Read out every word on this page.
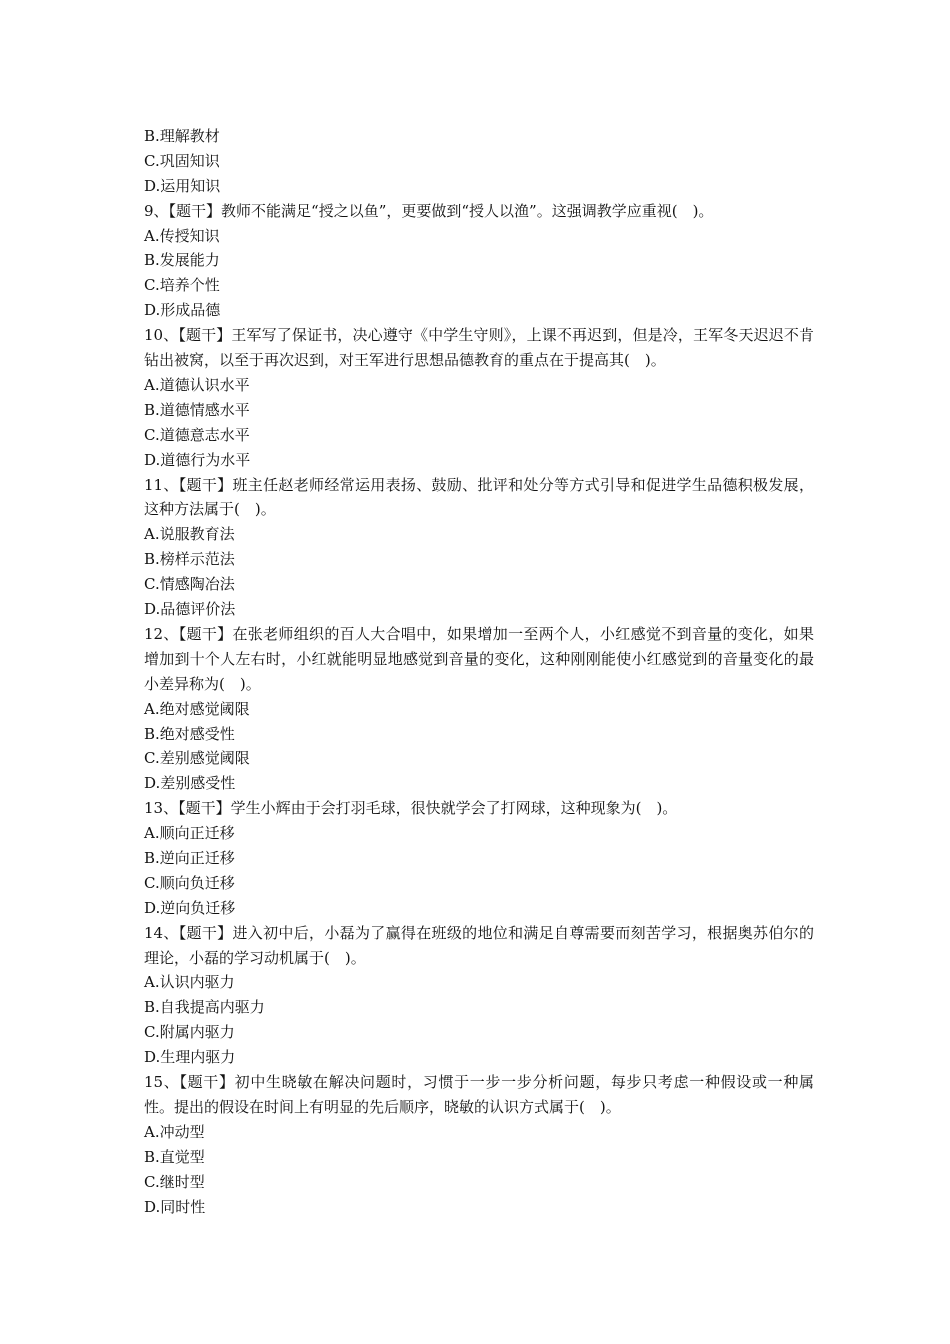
B.理解教材
C.巩固知识
D.运用知识
9、【题干】教师不能满足“授之以鱼”，更要做到“授人以渔”。这强调教学应重视(　)。
A.传授知识
B.发展能力
C.培养个性
D.形成品德
10、【题干】王军写了保证书，决心遵守《中学生守则》，上课不再迟到，但是冷，王军冬天迟迟不肯钻出被窝，以至于再次迟到，对王军进行思想品德教育的重点在于提高其(　)。
A.道德认识水平
B.道德情感水平
C.道德意志水平
D.道德行为水平
11、【题干】班主任赵老师经常运用表扬、鼓励、批评和处分等方式引导和促进学生品德积极发展，这种方法属于(　)。
A.说服教育法
B.榜样示范法
C.情感陶冶法
D.品德评价法
12、【题干】在张老师组织的百人大合唱中，如果增加一至两个人，小红感觉不到音量的变化，如果增加到十个人左右时，小红就能明显地感觉到音量的变化，这种刚刚能使小红感觉到的音量变化的最小差异称为(　)。
A.绝对感觉阈限
B.绝对感受性
C.差别感觉阈限
D.差别感受性
13、【题干】学生小辉由于会打羽毛球，很快就学会了打网球，这种现象为(　)。
A.顺向正迁移
B.逆向正迁移
C.顺向负迁移
D.逆向负迁移
14、【题干】进入初中后，小磊为了赢得在班级的地位和满足自尊需要而刻苦学习，根据奥苏伯尔的理论，小磊的学习动机属于(　)。
A.认识内驱力
B.自我提高内驱力
C.附属内驱力
D.生理内驱力
15、【题干】初中生晓敏在解决问题时，习惯于一步一步分析问题，每步只考虑一种假设或一种属性。提出的假设在时间上有明显的先后顺序，晓敏的认识方式属于(　)。
A.冲动型
B.直觉型
C.继时型
D.同时性
